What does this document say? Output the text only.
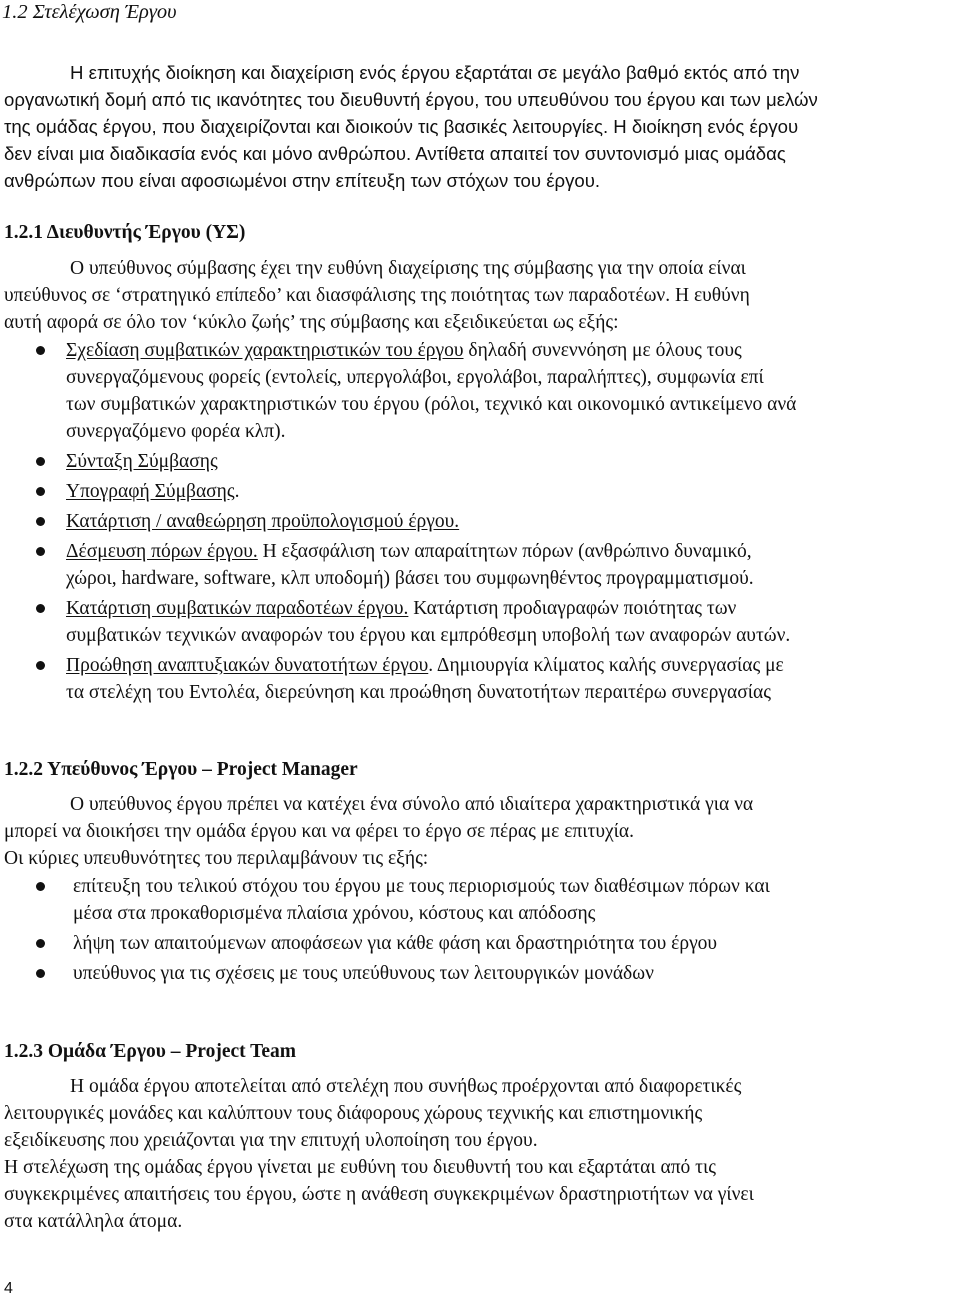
1.2 Στελέχωση Έργου
Η επιτυχής διοίκηση και διαχείριση ενός έργου εξαρτάται σε μεγάλο βαθμό εκτός από την
οργανωτική δομή από τις ικανότητες του διευθυντή έργου, του υπευθύνου του έργου και των μελών
της ομάδας έργου, που διαχειρίζονται και διοικούν τις βασικές λειτουργίες. Η διοίκηση ενός έργου
δεν είναι μια διαδικασία ενός και μόνο ανθρώπου. Αντίθετα απαιτεί τον συντονισμό μιας ομάδας
ανθρώπων που είναι αφοσιωμένοι στην επίτευξη των στόχων του έργου.
1.2.1 Διευθυντής Έργου (ΥΣ)
Ο υπεύθυνος σύμβασης έχει την ευθύνη διαχείρισης της σύμβασης για την οποία είναι
υπεύθυνος σε ‘στρατηγικό επίπεδο’ και διασφάλισης της ποιότητας των παραδοτέων. Η ευθύνη
αυτή αφορά σε όλο τον ‘κύκλο ζωής’ της σύμβασης και εξειδικεύεται ως εξής:
Σχεδίαση συμβατικών χαρακτηριστικών του έργου δηλαδή συνεννόηση με όλους τους
συνεργαζόμενους φορείς (εντολείς, υπεργολάβοι, εργολάβοι, παραλήπτες), συμφωνία επί
των συμβατικών χαρακτηριστικών του έργου (ρόλοι, τεχνικό και οικονομικό αντικείμενο ανά
συνεργαζόμενο φορέα κλπ).
Σύνταξη Σύμβασης
Υπογραφή Σύμβασης.
Κατάρτιση / αναθεώρηση προϋπολογισμού έργου.
Δέσμευση πόρων έργου. Η εξασφάλιση των απαραίτητων πόρων (ανθρώπινο δυναμικό,
χώροι, hardware, software, κλπ υποδομή) βάσει του συμφωνηθέντος προγραμματισμού.
Κατάρτιση συμβατικών παραδοτέων έργου. Κατάρτιση προδιαγραφών ποιότητας των
συμβατικών τεχνικών αναφορών του έργου και εμπρόθεσμη υποβολή των αναφορών αυτών.
Προώθηση αναπτυξιακών δυνατοτήτων έργου. Δημιουργία κλίματος καλής συνεργασίας με
τα στελέχη του Εντολέα, διερεύνηση και προώθηση δυνατοτήτων περαιτέρω συνεργασίας
1.2.2 Υπεύθυνος Έργου – Project Manager
Ο υπεύθυνος έργου πρέπει να κατέχει ένα σύνολο από ιδιαίτερα χαρακτηριστικά για να
μπορεί να διοικήσει την ομάδα έργου και να φέρει το έργο σε πέρας με επιτυχία.
Οι κύριες υπευθυνότητες του περιλαμβάνουν τις εξής:
επίτευξη του τελικού στόχου του έργου με τους περιορισμούς των διαθέσιμων πόρων και
μέσα στα προκαθορισμένα πλαίσια χρόνου, κόστους και απόδοσης
λήψη των απαιτούμενων αποφάσεων για κάθε φάση και δραστηριότητα του έργου
υπεύθυνος για τις σχέσεις με τους υπεύθυνους των λειτουργικών μονάδων
1.2.3 Ομάδα Έργου – Project Team
Η ομάδα έργου αποτελείται από στελέχη που συνήθως προέρχονται από διαφορετικές
λειτουργικές μονάδες και καλύπτουν τους διάφορους χώρους τεχνικής και επιστημονικής
εξειδίκευσης που χρειάζονται για την επιτυχή υλοποίηση του έργου.
Η στελέχωση της ομάδας έργου γίνεται με ευθύνη του διευθυντή του και εξαρτάται από τις
συγκεκριμένες απαιτήσεις του έργου, ώστε η ανάθεση συγκεκριμένων δραστηριοτήτων να γίνει
στα κατάλληλα άτομα.
4
